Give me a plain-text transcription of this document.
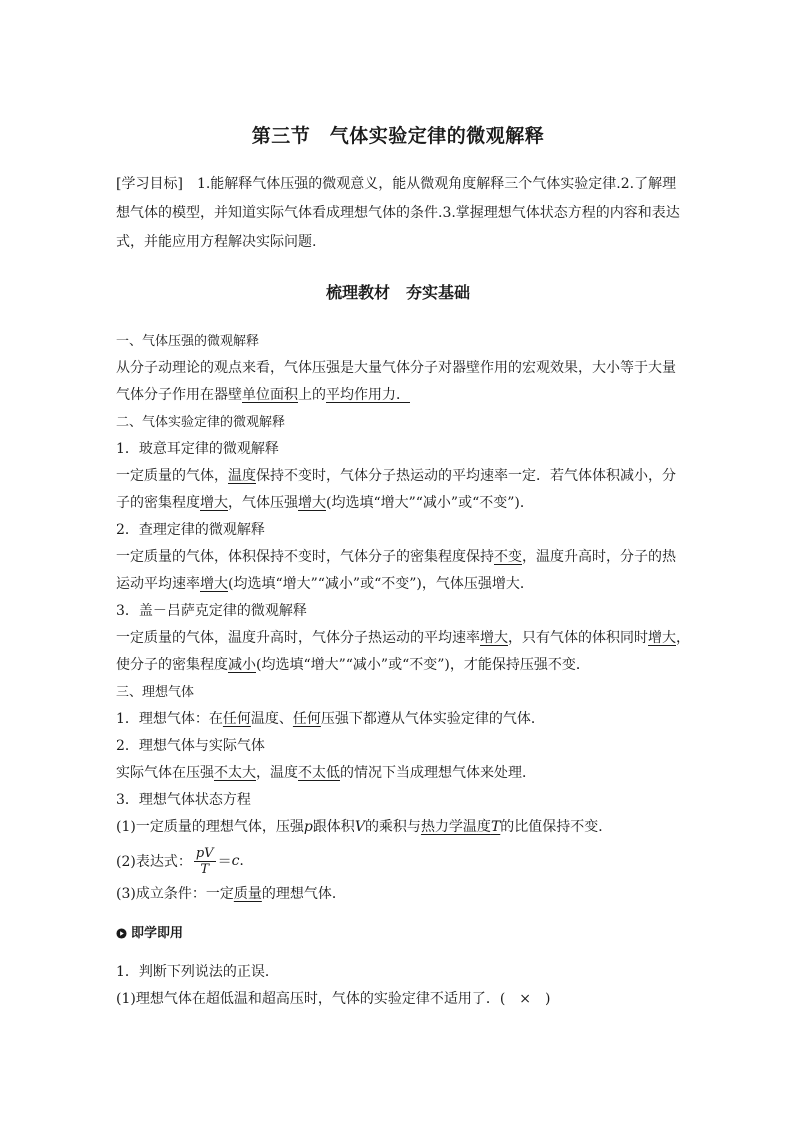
第三节　气体实验定律的微观解释
[学习目标]　1.能解释气体压强的微观意义，能从微观角度解释三个气体实验定律.2.了解理想气体的模型，并知道实际气体看成理想气体的条件.3.掌握理想气体状态方程的内容和表达式，并能应用方程解决实际问题.
梳理教材　夯实基础
一、气体压强的微观解释
从分子动理论的观点来看，气体压强是大量气体分子对器壁作用的宏观效果，大小等于大量
气体分子作用在器壁单位面积上的平均作用力．
二、气体实验定律的微观解释
1．玻意耳定律的微观解释
一定质量的气体，温度保持不变时，气体分子热运动的平均速率一定．若气体体积减小，分
子的密集程度增大，气体压强增大(均选填“增大”“减小”或“不变”)．
2．查理定律的微观解释
一定质量的气体，体积保持不变时，气体分子的密集程度保持不变，温度升高时，分子的热
运动平均速率增大(均选填“增大”“减小”或“不变”)，气体压强增大．
3．盖－吕萨克定律的微观解释
一定质量的气体，温度升高时，气体分子热运动的平均速率增大，只有气体的体积同时增大，
使分子的密集程度减小(均选填“增大”“减小”或“不变”)，才能保持压强不变．
三、理想气体
1．理想气体：在任何温度、任何压强下都遵从气体实验定律的气体．
2．理想气体与实际气体
实际气体在压强不太大，温度不太低的情况下当成理想气体来处理．
3．理想气体状态方程
(1)一定质量的理想气体，压强p跟体积V的乘积与热力学温度T的比值保持不变．
(2)表达式： $\frac{pV}{T} = c$ .
(3)成立条件：一定质量的理想气体．
即学即用
1．判断下列说法的正误．
(1)理想气体在超低温和超高压时，气体的实验定律不适用了．(　×　)
